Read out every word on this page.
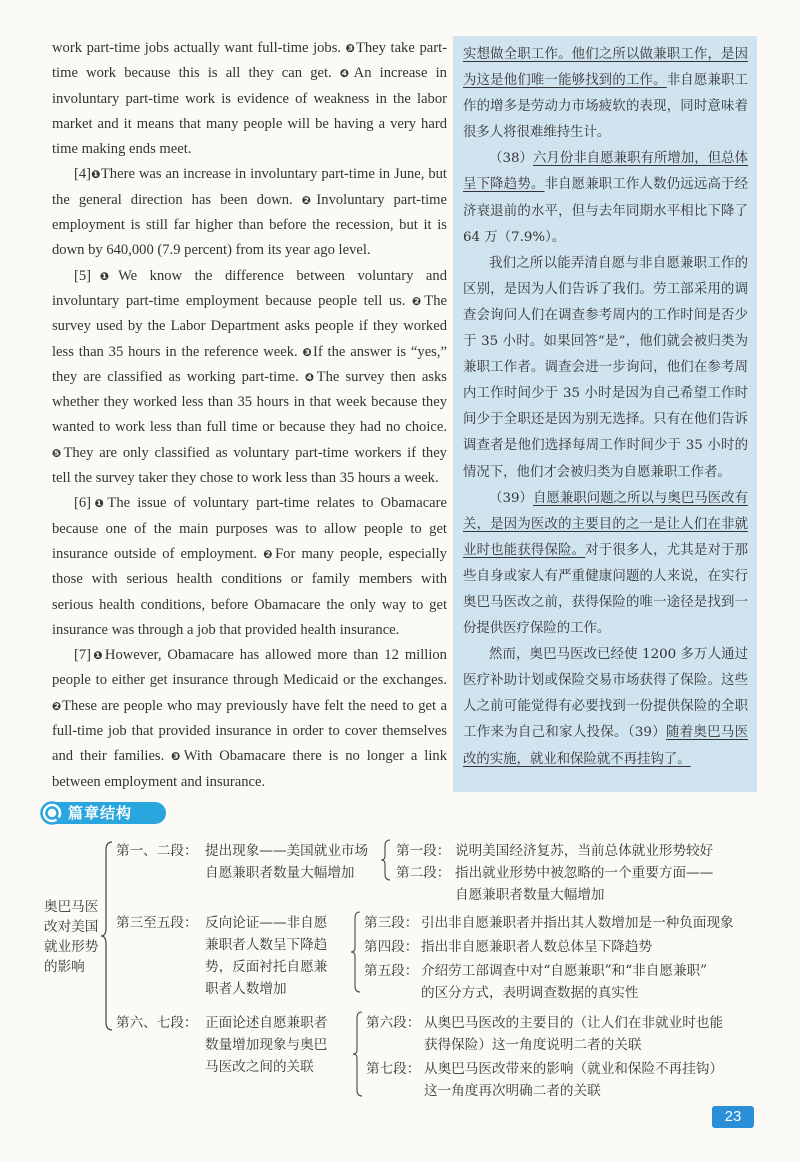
work part-time jobs actually want full-time jobs. ❸They take part-time work because this is all they can get. ❹An increase in involuntary part-time work is evidence of weakness in the labor market and it means that many people will be having a very hard time making ends meet.

[4]❶There was an increase in involuntary part-time in June, but the general direction has been down. ❷Involuntary part-time employment is still far higher than before the recession, but it is down by 640,000 (7.9 percent) from its year ago level.

[5]❶We know the difference between voluntary and involuntary part-time employment because people tell us. ❷The survey used by the Labor Department asks people if they worked less than 35 hours in the reference week. ❸If the answer is “yes,” they are classified as working part-time. ❹The survey then asks whether they worked less than 35 hours in that week because they wanted to work less than full time or because they had no choice. ❺They are only classified as voluntary part-time workers if they tell the survey taker they chose to work less than 35 hours a week.

[6]❶The issue of voluntary part-time relates to Obamacare because one of the main purposes was to allow people to get insurance outside of employment. ❷For many people, especially those with serious health conditions or family members with serious health conditions, before Obamacare the only way to get insurance was through a job that provided health insurance.

[7]❶However, Obamacare has allowed more than 12 million people to either get insurance through Medicaid or the exchanges. ❷These are people who may previously have felt the need to get a full-time job that provided insurance in order to cover themselves and their families. ❸With Obamacare there is no longer a link between employment and insurance.

实想做全职工作。他们之所以做兼职工作，是因为这是他们唯一能够找到的工作。非自愿兼职工作的增多是劳动力市场疲软的表现，同时意味着很多人将很难维持生计。

（38）六月份非自愿兼职有所增加，但总体呈下降趋势。非自愿兼职工作人数仍远远高于经济衰退前的水平，但与去年同期水平相比下降了 64 万（7.9%）。

我们之所以能弄清自愿与非自愿兼职工作的区别，是因为人们告诉了我们。劳工部采用的调查会询问人们在调查参考周内的工作时间是否少于 35 小时。如果回答“是”，他们就会被归类为兼职工作者。调查会进一步询问，他们在参考周内工作时间少于 35 小时是因为自己希望工作时间少于全职还是因为别无选择。只有在他们告诉调查者是他们选择每周工作时间少于 35 小时的情况下，他们才会被归类为自愿兼职工作者。

（39）自愿兼职问题之所以与奥巴马医改有关，是因为医改的主要目的之一是让人们在非就业时也能获得保险。对于很多人，尤其是对于那些自身或家人有严重健康问题的人来说，在实行奥巴马医改之前，获得保险的唯一途径是找到一份提供医疗保险的工作。

然而，奥巴马医改已经使 1200 多万人通过医疗补助计划或保险交易市场获得了保险。这些人之前可能觉得有必要找到一份提供保险的全职工作来为自己和家人投保。（39）随着奥巴马医改的实施，就业和保险就不再挂钩了。

篇章结构
奥巴马医
改对美国
就业形势
的影响
第一、二段： 提出现象——美国就业市场
自愿兼职者数量大幅增加
第一段： 说明美国经济复苏，当前总体就业形势较好
第二段： 指出就业形势中被忽略的一个重要方面——
自愿兼职者数量大幅增加
第三至五段： 反向论证——非自愿
兼职者人数呈下降趋
势，反面衬托自愿兼
职者人数增加
第三段： 引出非自愿兼职者并指出其人数增加是一种负面现象
第四段： 指出非自愿兼职者人数总体呈下降趋势
第五段： 介绍劳工部调查中对“自愿兼职”和“非自愿兼职”
的区分方式，表明调查数据的真实性
第六、七段： 正面论述自愿兼职者
数量增加现象与奥巴
马医改之间的关联
第六段： 从奥巴马医改的主要目的（让人们在非就业时也能
获得保险）这一角度说明二者的关联
第七段： 从奥巴马医改带来的影响（就业和保险不再挂钩）
这一角度再次明确二者的关联
23
